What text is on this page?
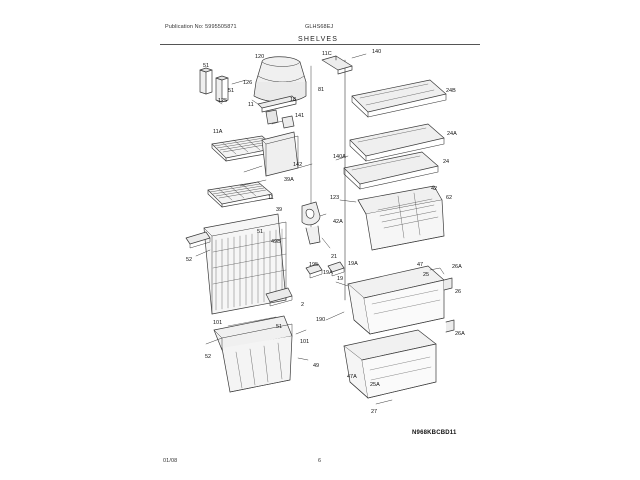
Publication No: 5995505871	GLHS68EJ
SHELVES
120	11C	140
51
81	24B
126
51
125	18
11
141
24A
11A
142
140A
24
39A
42
62
123
11
39
42A
51
49B
21
52
195	19A	47	26A
19A
19
25
26
2
190
101
51
26A
101
52
49
47A
25A
27
01/08	6
N968KBCBD11
